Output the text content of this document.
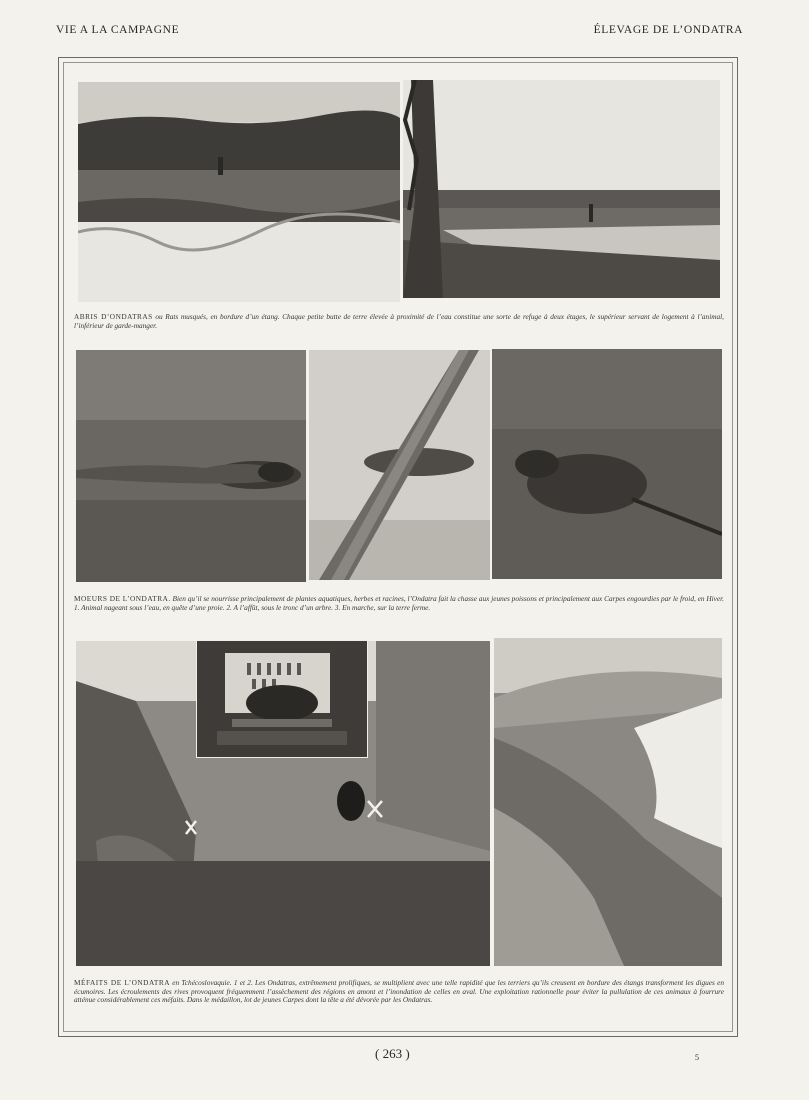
VIE A LA CAMPAGNE	ÉLEVAGE DE L’ONDATRA
ABRIS D’ONDATRAS ou Rats musqués, en bordure d’un étang. Chaque petite butte de terre élevée à proximité de l’eau constitue une sorte de refuge à deux étages, le supérieur servant de logement à l’animal, l’inférieur de garde-manger.
MOEURS DE L’ONDATRA. Bien qu’il se nourrisse principalement de plantes aquatiques, herbes et racines, l’Ondatra fait la chasse aux jeunes poissons et principalement aux Carpes engourdies par le froid, en Hiver. 1. Animal nageant sous l’eau, en quête d’une proie. 2. A l’affût, sous le tronc d’un arbre. 3. En marche, sur la terre ferme.
MÉFAITS DE L’ONDATRA en Tchécoslovaquie. 1 et 2. Les Ondatras, extrêmement prolifiques, se multiplient avec une telle rapidité que les terriers qu’ils creusent en bordure des étangs transforment les digues en écumoires. Les écroulements des rives provoquent fréquemment l’assèchement des régions en amont et l’inondation de celles en aval. Une exploitation rationnelle pour éviter la pullulation de ces animaux à fourrure atténue considérablement ces méfaits. Dans le médaillon, lot de jeunes Carpes dont la tête a été dévorée par les Ondatras.
( 263 )	5
